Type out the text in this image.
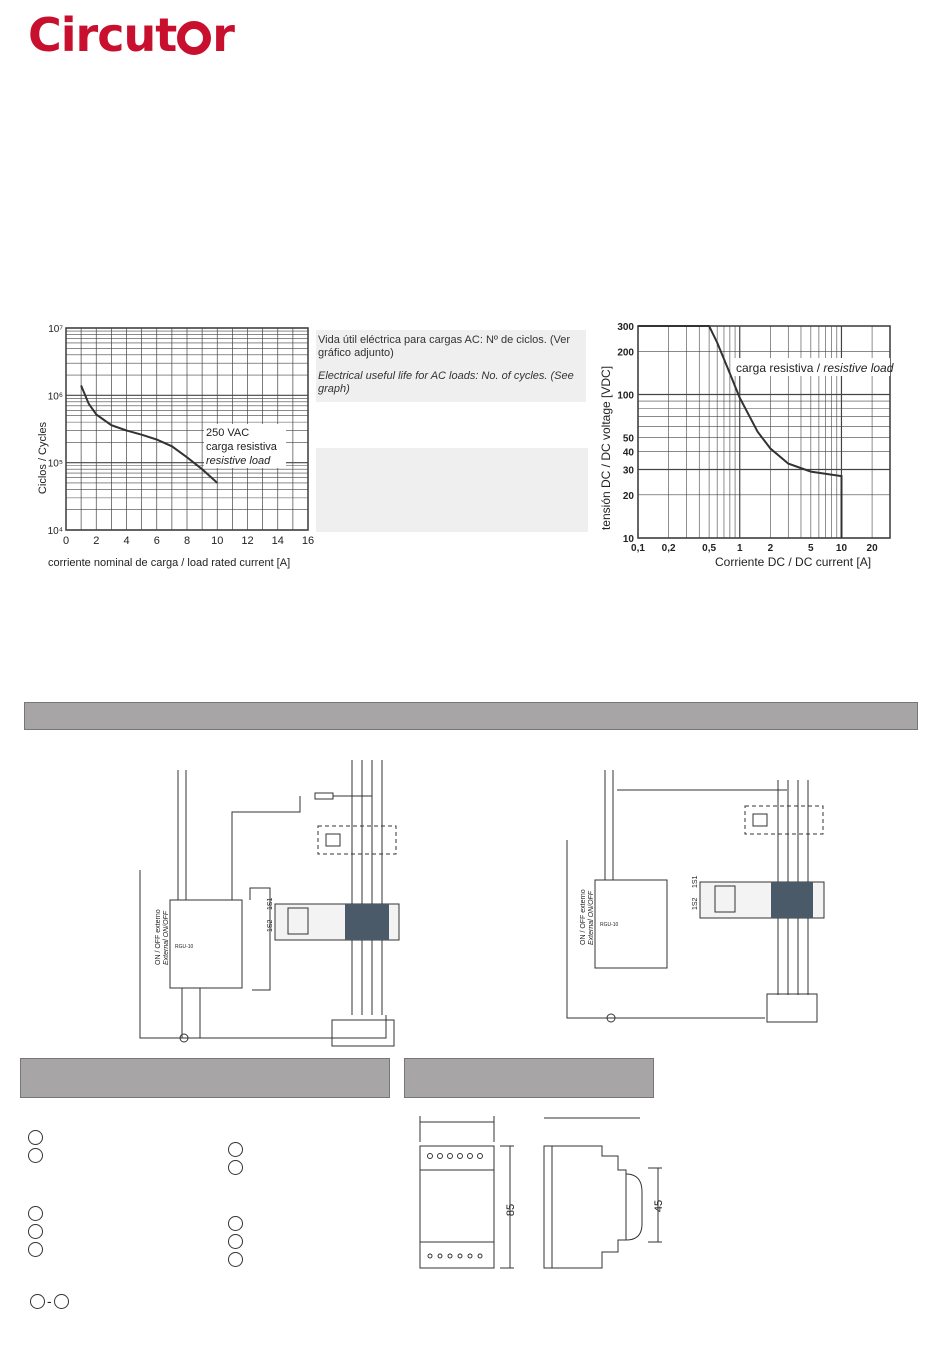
Circut r
10⁷
10⁶
10⁵
10⁴
0 2 4 6 8 10 12 14 16
250 VAC
carga resistiva
resistive load
Ciclos / Cycles
corriente nominal de carga / load rated current [A]
Vida útil eléctrica para cargas AC: Nº de ciclos. (Ver gráfico adjunto)
Electrical useful life for AC loads: No. of cycles. (See graph)
300
200
100
50
40
30
20
10
0,1 0,2	0,5 1	2	5 10 20
carga resistiva / resistive load
tensión DC / DC voltage [VDC]
Corriente DC / DC current [A]
ON / OFF externo External ON/OFF
1S1
1S2
RGU-10
ON / OFF externo External ON/OFF
1S1
1S2
RGU-10
-
85	45
